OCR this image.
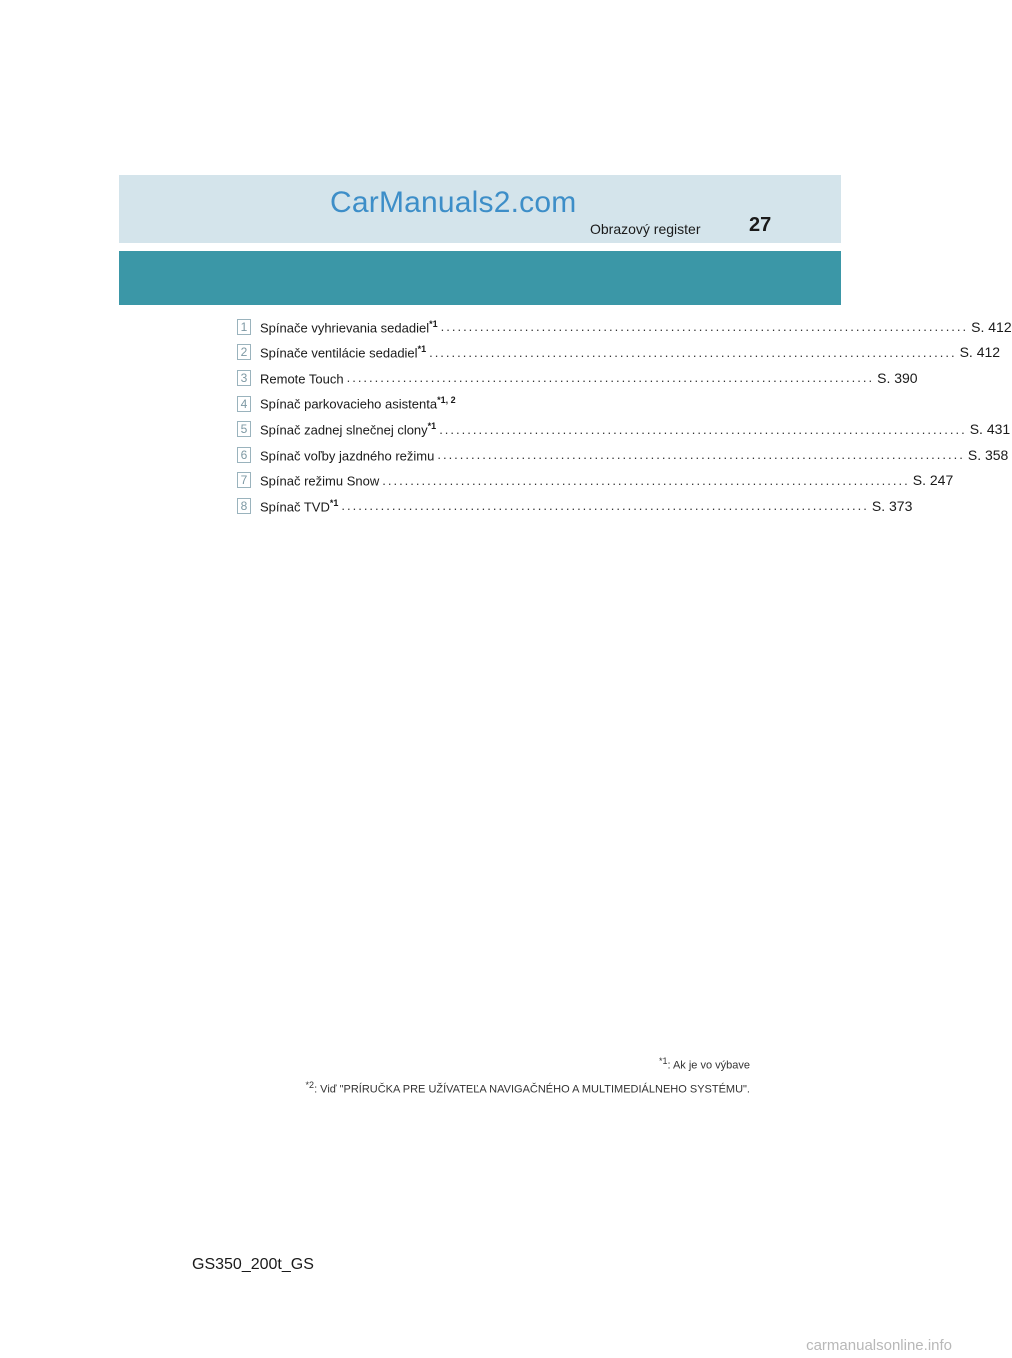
CarManuals2.com
Obrazový register 27
1 Spínače vyhrievania sedadiel$^{*1}$ .............................................................................................. S. 412
2 Spínače ventilácie sedadiel$^{*1}$ .............................................................................................. S. 412
3 Remote Touch .............................................................................................. S. 390
4 Spínač parkovacieho asistenta$^{*1, 2}$
5 Spínač zadnej slnečnej clony$^{*1}$ .............................................................................................. S. 431
6 Spínač voľby jazdného režimu .............................................................................................. S. 358
7 Spínač režimu Snow .............................................................................................. S. 247
8 Spínač TVD$^{*1}$ .............................................................................................. S. 373
$^{*1}$: Ak je vo výbave
$^{*2}$: Viď "PRÍRUČKA PRE UŽÍVATEĽA NAVIGAČNÉHO A MULTIMEDIÁLNEHO SYSTÉMU".
GS350_200t_GS
carmanualsonline.info
